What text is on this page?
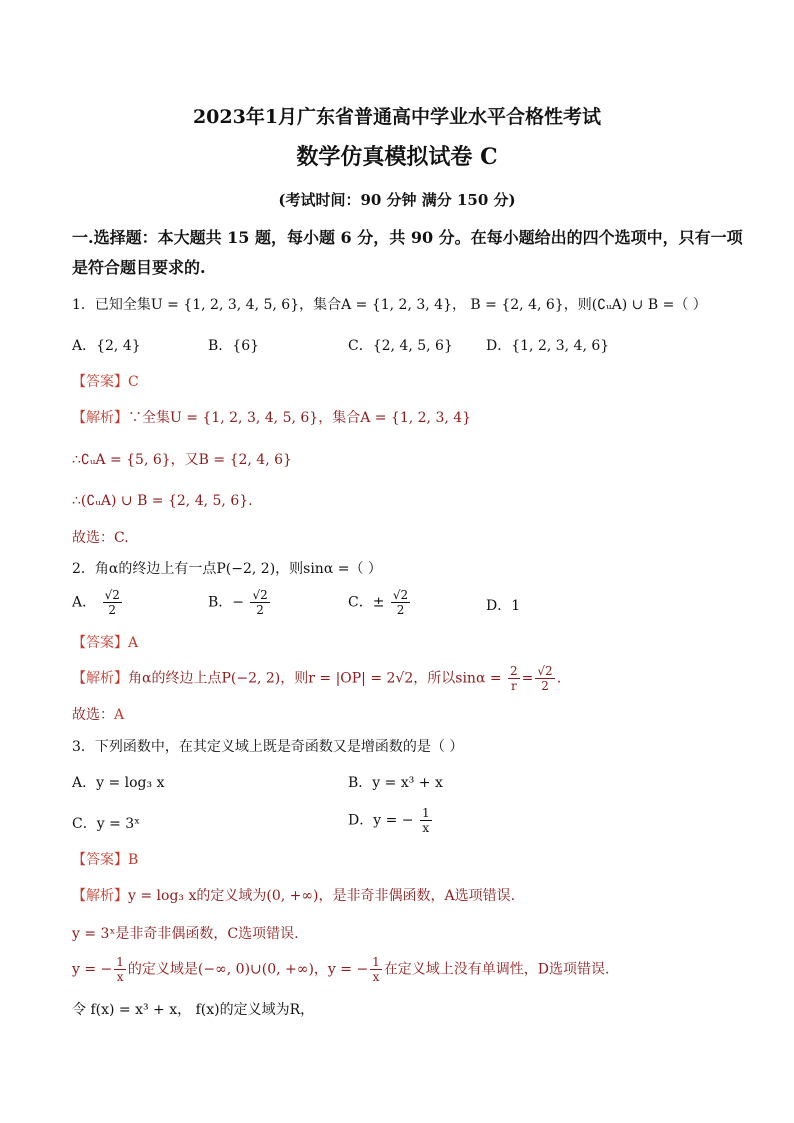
2023年1月广东省普通高中学业水平合格性考试
数学仿真模拟试卷 C
(考试时间：90 分钟 满分 150 分)
一.选择题：本大题共 15 题，每小题 6 分，共 90 分。在每小题给出的四个选项中，只有一项
是符合题目要求的.
1．已知全集U = {1, 2, 3, 4, 5, 6}，集合A = {1, 2, 3, 4}， B = {2, 4, 6}，则(∁ᵤA) ∪ B =（ ）
A．{2, 4}	B．{6}	C．{2, 4, 5, 6} D．{1, 2, 3, 4, 6}
【答案】C
【解析】∵全集U = {1, 2, 3, 4, 5, 6}，集合A = {1, 2, 3, 4}
∴∁ᵤA = {5, 6}，又B = {2, 4, 6}
∴(∁ᵤA) ∪ B = {2, 4, 5, 6}.
故选：C.
2．角α的终边上有一点P(−2, 2)，则sinα =（ ）
A． $\frac{√2}{2}$	B．− $\frac{√2}{2}$	C．± $\frac{√2}{2}$	D．1
【答案】A
【解析】角α的终边上点P(−2, 2)，则r = |OP| = 2√2，所以$\sin\alpha = \frac{2}{r} = \frac{√2}{2}$ .
故选：A
3．下列函数中，在其定义域上既是奇函数又是增函数的是（ ）
A．y = log₃ x	B．y = x³ + x
C．y = 3ˣ	D．y = − $\frac{1}{x}$
【答案】B
【解析】y = log₃ x的定义域为(0, +∞)，是非奇非偶函数，A选项错误.
y = 3ˣ是非奇非偶函数，C选项错误.
y = − $\frac{1}{x}$ 的定义域是(−∞, 0)∪(0, +∞)，y = − $\frac{1}{x}$ 在定义域上没有单调性，D选项错误.
令 f(x) = x³ + x， f(x)的定义域为R，
